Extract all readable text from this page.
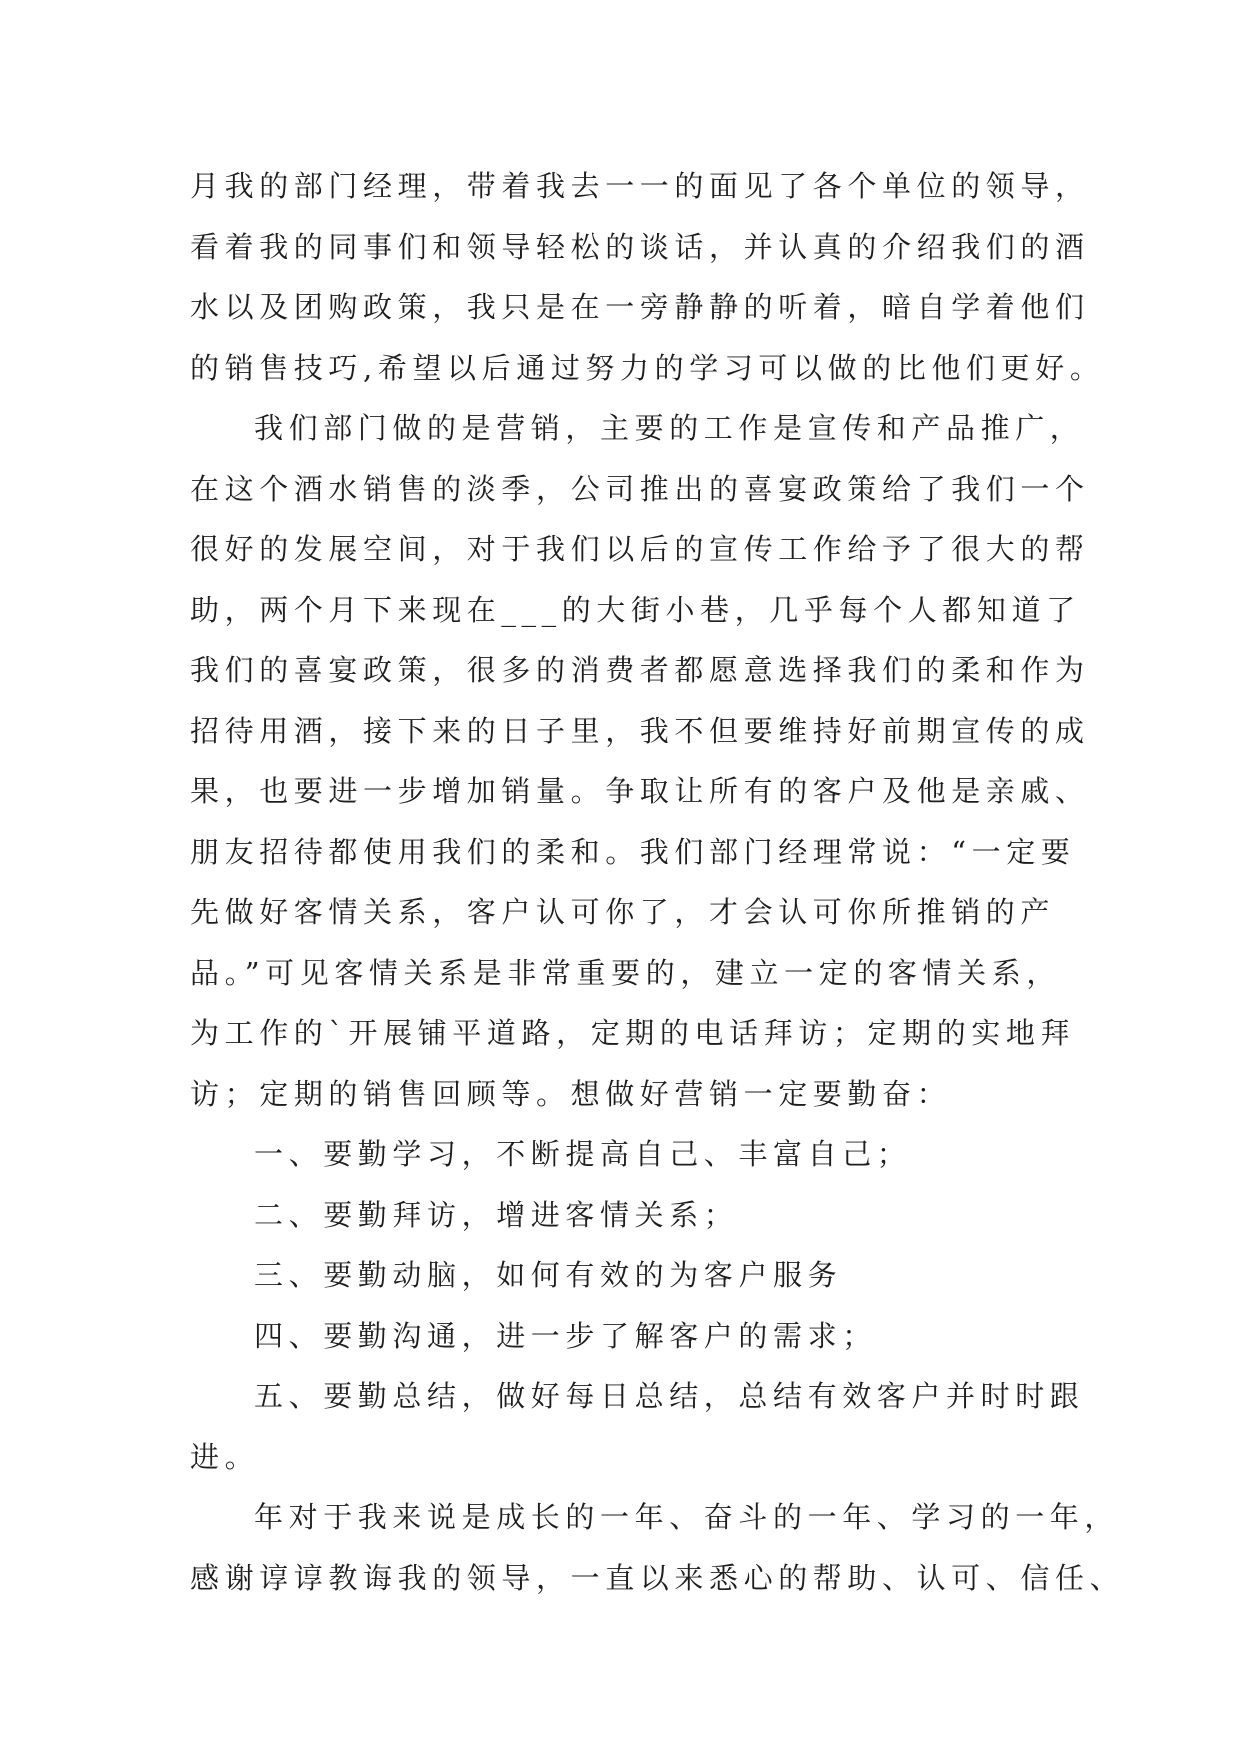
月我的部门经理，带着我去一一的面见了各个单位的领导，

看着我的同事们和领导轻松的谈话，并认真的介绍我们的酒

水以及团购政策，我只是在一旁静静的听着，暗自学着他们

的销售技巧,希望以后通过努力的学习可以做的比他们更好。

我们部门做的是营销，主要的工作是宣传和产品推广，

在这个酒水销售的淡季，公司推出的喜宴政策给了我们一个

很好的发展空间，对于我们以后的宣传工作给予了很大的帮

助，两个月下来现在___的大街小巷，几乎每个人都知道了

我们的喜宴政策，很多的消费者都愿意选择我们的柔和作为

招待用酒，接下来的日子里，我不但要维持好前期宣传的成

果，也要进一步增加销量。争取让所有的客户及他是亲戚、

朋友招待都使用我们的柔和。我们部门经理常说：“一定要

先做好客情关系，客户认可你了，才会认可你所推销的产

品。”可见客情关系是非常重要的，建立一定的客情关系，

为工作的`开展铺平道路，定期的电话拜访；定期的实地拜

访；定期的销售回顾等。想做好营销一定要勤奋：

一、要勤学习，不断提高自己、丰富自己；

二、要勤拜访，增进客情关系；

三、要勤动脑，如何有效的为客户服务

四、要勤沟通，进一步了解客户的需求；

五、要勤总结，做好每日总结，总结有效客户并时时跟

进。

年对于我来说是成长的一年、奋斗的一年、学习的一年，

感谢谆谆教诲我的领导，一直以来悉心的帮助、认可、信任、
